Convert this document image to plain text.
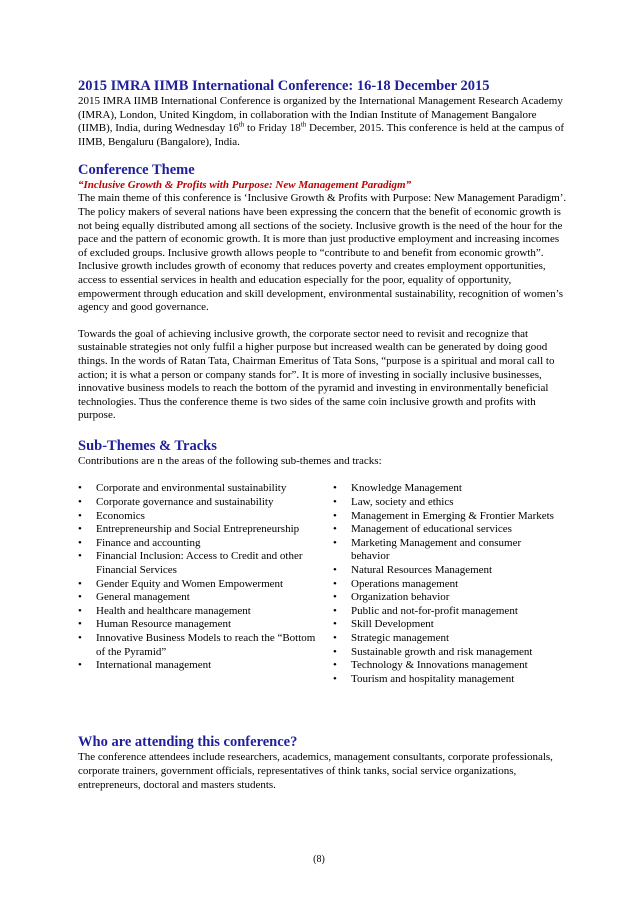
2015 IMRA IIMB International Conference: 16-18 December 2015

2015 IMRA IIMB International Conference is organized by the International Management Research Academy (IMRA), London, United Kingdom, in collaboration with the Indian Institute of Management Bangalore (IIMB), India, during Wednesday 16th to Friday 18th December, 2015. This conference is held at the campus of IIMB, Bengaluru (Bangalore), India.

Conference Theme

“Inclusive Growth & Profits with Purpose: New Management Paradigm”

The main theme of this conference is ‘Inclusive Growth & Profits with Purpose: New Management Paradigm’. The policy makers of several nations have been expressing the concern that the benefit of economic growth is not being equally distributed among all sections of the society. Inclusive growth is the need of the hour for the pace and the pattern of economic growth. It is more than just productive employment and increasing incomes of excluded groups. Inclusive growth allows people to “contribute to and benefit from economic growth”. Inclusive growth includes growth of economy that reduces poverty and creates employment opportunities, access to essential services in health and education especially for the poor, equality of opportunity, empowerment through education and skill development, environmental sustainability, recognition of women’s agency and good governance.

Towards the goal of achieving inclusive growth, the corporate sector need to revisit and recognize that sustainable strategies not only fulfil a higher purpose but increased wealth can be generated by doing good things. In the words of Ratan Tata, Chairman Emeritus of Tata Sons, “purpose is a spiritual and moral call to action; it is what a person or company stands for”. It is more of investing in socially inclusive businesses, innovative business models to reach the bottom of the pyramid and investing in environmentally beneficial technologies. Thus the conference theme is two sides of the same coin inclusive growth and profits with purpose.

Sub-Themes & Tracks

Contributions are n the areas of the following sub-themes and tracks:

• Corporate and environmental sustainability
• Corporate governance and sustainability
• Economics
• Entrepreneurship and Social Entrepreneurship
• Finance and accounting
• Financial Inclusion: Access to Credit and other Financial Services
• Gender Equity and Women Empowerment
• General management
• Health and healthcare management
• Human Resource management
• Innovative Business Models to reach the “Bottom of the Pyramid”
• International management
• Knowledge Management
• Law, society and ethics
• Management in Emerging & Frontier Markets
• Management of educational services
• Marketing Management and consumer behavior
• Natural Resources Management
• Operations management
• Organization behavior
• Public and not-for-profit management
• Skill Development
• Strategic management
• Sustainable growth and risk management
• Technology & Innovations management
• Tourism and hospitality management
Who are attending this conference?

The conference attendees include researchers, academics, management consultants, corporate professionals, corporate trainers, government officials, representatives of think tanks, social service organizations, entrepreneurs, doctoral and masters students.

(8)
